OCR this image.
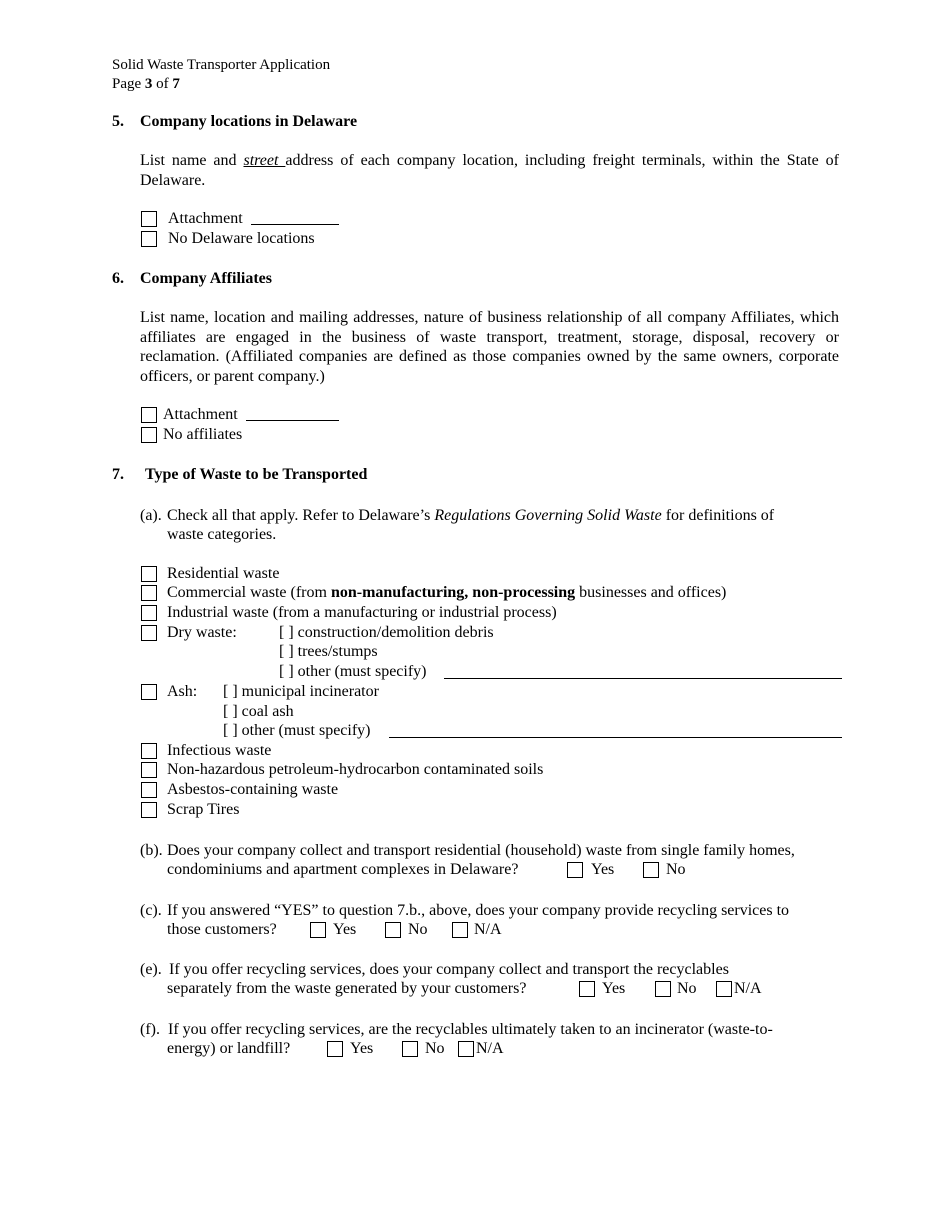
Solid Waste Transporter Application
Page 3 of 7
5. Company locations in Delaware
List name and street address of each company location, including freight terminals, within the State of Delaware.
Attachment
No Delaware locations
6. Company Affiliates
List name, location and mailing addresses, nature of business relationship of all company Affiliates, which affiliates are engaged in the business of waste transport, treatment, storage, disposal, recovery or reclamation. (Affiliated companies are defined as those companies owned by the same owners, corporate officers, or parent company.)
Attachment
No affiliates
7. Type of Waste to be Transported
(a). Check all that apply. Refer to Delaware’s Regulations Governing Solid Waste for definitions of
waste categories.
Residential waste
Commercial waste (from non-manufacturing, non-processing businesses and offices)
Industrial waste (from a manufacturing or industrial process)
Dry waste:	[ ] construction/demolition debris
[ ] trees/stumps
[ ] other (must specify)
Ash: [ ] municipal incinerator
[ ] coal ash
[ ] other (must specify)
Infectious waste
Non-hazardous petroleum-hydrocarbon contaminated soils
Asbestos-containing waste
Scrap Tires
(b). Does your company collect and transport residential (household) waste from single family homes,
condominiums and apartment complexes in Delaware?	Yes	No
(c). If you answered “YES” to question 7.b., above, does your company provide recycling services to
those customers?	Yes	No	N/A
(e). If you offer recycling services, does your company collect and transport the recyclables
separately from the waste generated by your customers?	Yes	No N/A
(f). If you offer recycling services, are the recyclables ultimately taken to an incinerator (waste-to-
energy) or landfill?	Yes	No N/A
